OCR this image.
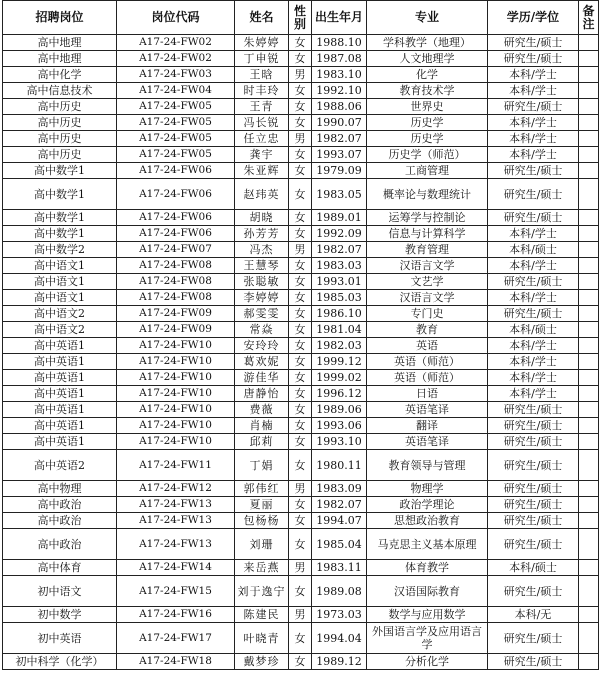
招聘岗位	岗位代码	姓名	性别	出生年月	专业	学历/学位	备注
高中地理	A17-24-FW02	朱婷婷	女	1988.10	学科教学（地理）	研究生/硕士	
高中地理	A17-24-FW02	丁申锐	女	1987.08	人文地理学	研究生/硕士	
高中化学	A17-24-FW03	王晗	男	1983.10	化学	本科/学士	
高中信息技术	A17-24-FW04	时丰玲	女	1992.10	教育技术学	本科/学士	
高中历史	A17-24-FW05	王青	女	1988.06	世界史	研究生/硕士	
高中历史	A17-24-FW05	冯长锐	女	1990.07	历史学	本科/学士	
高中历史	A17-24-FW05	任立忠	男	1982.07	历史学	本科/学士	
高中历史	A17-24-FW05	龚宇	女	1993.07	历史学（师范）	本科/学士	
高中数学1	A17-24-FW06	朱亚辉	女	1979.09	工商管理	研究生/硕士	
高中数学1	A17-24-FW06	赵玮英	女	1983.05	概率论与数理统计	研究生/硕士	
高中数学1	A17-24-FW06	胡晓	女	1989.01	运筹学与控制论	研究生/硕士	
高中数学1	A17-24-FW06	孙芳芳	女	1992.09	信息与计算科学	本科/学士	
高中数学2	A17-24-FW07	冯杰	男	1982.07	教育管理	本科/硕士	
高中语文1	A17-24-FW08	王慧琴	女	1983.03	汉语言文学	本科/学士	
高中语文1	A17-24-FW08	张聪敏	女	1993.01	文艺学	研究生/硕士	
高中语文1	A17-24-FW08	李婷婷	女	1985.03	汉语言文学	本科/学士	
高中语文2	A17-24-FW09	郝雯雯	女	1986.10	专门史	研究生/硕士	
高中语文2	A17-24-FW09	常焱	女	1981.04	教育	本科/硕士	
高中英语1	A17-24-FW10	安玲玲	女	1982.03	英语	本科/学士	
高中英语1	A17-24-FW10	葛欢妮	女	1999.12	英语（师范）	本科/学士	
高中英语1	A17-24-FW10	游佳华	女	1999.02	英语（师范）	本科/学士	
高中英语1	A17-24-FW10	唐静怡	女	1996.12	日语	本科/学士	
高中英语1	A17-24-FW10	费薇	女	1989.06	英语笔译	研究生/硕士	
高中英语1	A17-24-FW10	肖楠	女	1993.06	翻译	研究生/硕士	
高中英语1	A17-24-FW10	邱莉	女	1993.10	英语笔译	研究生/硕士	
高中英语2	A17-24-FW11	丁娟	女	1980.11	教育领导与管理	研究生/硕士	
高中物理	A17-24-FW12	郭伟红	男	1983.09	物理学	研究生/硕士	
高中政治	A17-24-FW13	夏丽	女	1982.07	政治学理论	研究生/硕士	
高中政治	A17-24-FW13	包杨杨	女	1994.07	思想政治教育	研究生/硕士	
高中政治	A17-24-FW13	刘珊	女	1985.04	马克思主义基本原理	研究生/硕士	
高中体育	A17-24-FW14	来岳燕	男	1983.11	体育教学	本科/硕士	
初中语文	A17-24-FW15	刘于逸宁	女	1989.08	汉语国际教育	研究生/硕士	
初中数学	A17-24-FW16	陈建民	男	1973.03	数学与应用数学	本科/无	
初中英语	A17-24-FW17	叶晓青	女	1994.04	外国语言学及应用语言学	研究生/硕士	
初中科学（化学）	A17-24-FW18	戴梦珍	女	1989.12	分析化学	研究生/硕士	
